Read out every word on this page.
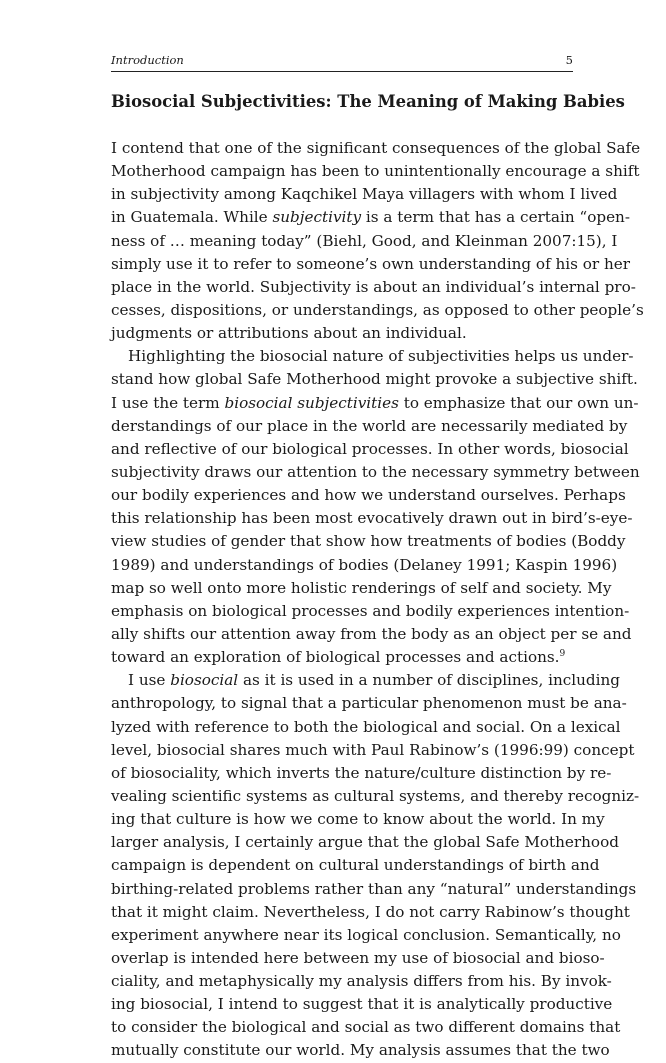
Introduction	5
Biosocial Subjectivities: The Meaning of Making Babies
I contend that one of the significant consequences of the global Safe
Motherhood campaign has been to unintentionally encourage a shift
in subjectivity among Kaqchikel Maya villagers with whom I lived
in Guatemala. While subjectivity is a term that has a certain “open-
ness of … meaning today” (Biehl, Good, and Kleinman 2007:15), I
simply use it to refer to someone’s own understanding of his or her
place in the world. Subjectivity is about an individual’s internal pro-
cesses, dispositions, or understandings, as opposed to other people’s
judgments or attributions about an individual.
Highlighting the biosocial nature of subjectivities helps us under-
stand how global Safe Motherhood might provoke a subjective shift.
I use the term biosocial subjectivities to emphasize that our own un-
derstandings of our place in the world are necessarily mediated by
and reflective of our biological processes. In other words, biosocial
subjectivity draws our attention to the necessary symmetry between
our bodily experiences and how we understand ourselves. Perhaps
this relationship has been most evocatively drawn out in bird’s-eye-
view studies of gender that show how treatments of bodies (Boddy
1989) and understandings of bodies (Delaney 1991; Kaspin 1996)
map so well onto more holistic renderings of self and society. My
emphasis on biological processes and bodily experiences intention-
ally shifts our attention away from the body as an object per se and
toward an exploration of biological processes and actions.$^9$
I use biosocial as it is used in a number of disciplines, including
anthropology, to signal that a particular phenomenon must be ana-
lyzed with reference to both the biological and social. On a lexical
level, biosocial shares much with Paul Rabinow’s (1996:99) concept
of biosociality, which inverts the nature/culture distinction by re-
vealing scientific systems as cultural systems, and thereby recogniz-
ing that culture is how we come to know about the world. In my
larger analysis, I certainly argue that the global Safe Motherhood
campaign is dependent on cultural understandings of birth and
birthing-related problems rather than any “natural” understandings
that it might claim. Nevertheless, I do not carry Rabinow’s thought
experiment anywhere near its logical conclusion. Semantically, no
overlap is intended here between my use of biosocial and bioso-
ciality, and metaphysically my analysis differs from his. By invok-
ing biosocial, I intend to suggest that it is analytically productive
to consider the biological and social as two different domains that
mutually constitute our world. My analysis assumes that the two
